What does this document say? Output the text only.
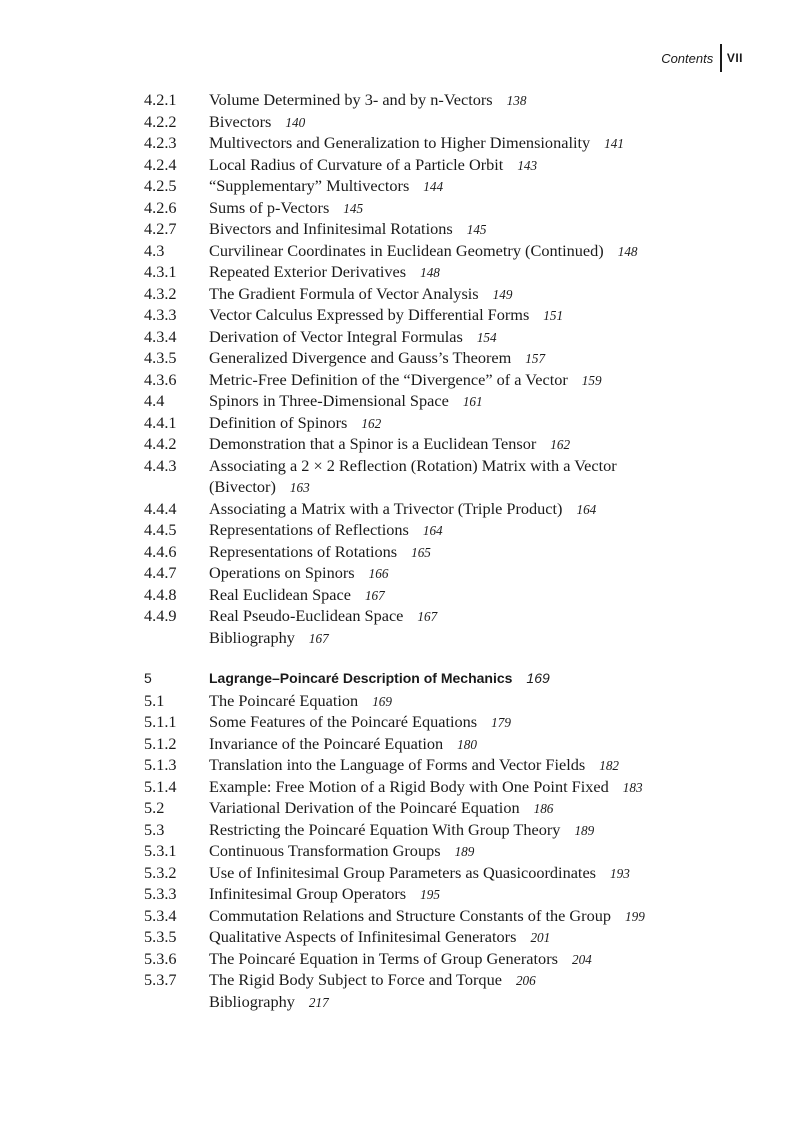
Contents VII
4.2.1 Volume Determined by 3- and by n-Vectors 138
4.2.2 Bivectors 140
4.2.3 Multivectors and Generalization to Higher Dimensionality 141
4.2.4 Local Radius of Curvature of a Particle Orbit 143
4.2.5 “Supplementary” Multivectors 144
4.2.6 Sums of p-Vectors 145
4.2.7 Bivectors and Infinitesimal Rotations 145
4.3	Curvilinear Coordinates in Euclidean Geometry (Continued) 148
4.3.1 Repeated Exterior Derivatives 148
4.3.2 The Gradient Formula of Vector Analysis 149
4.3.3 Vector Calculus Expressed by Differential Forms 151
4.3.4 Derivation of Vector Integral Formulas 154
4.3.5 Generalized Divergence and Gauss’s Theorem 157
4.3.6 Metric-Free Definition of the “Divergence” of a Vector 159
4.4	Spinors in Three-Dimensional Space 161
4.4.1 Definition of Spinors 162
4.4.2 Demonstration that a Spinor is a Euclidean Tensor 162
4.4.3 Associating a 2 × 2 Reflection (Rotation) Matrix with a Vector
(Bivector) 163
4.4.4 Associating a Matrix with a Trivector (Triple Product) 164
4.4.5 Representations of Reflections 164
4.4.6 Representations of Rotations 165
4.4.7 Operations on Spinors 166
4.4.8 Real Euclidean Space 167
4.4.9 Real Pseudo-Euclidean Space 167
Bibliography 167
5	Lagrange–Poincaré Description of Mechanics 169
5.1	The Poincaré Equation 169
5.1.1 Some Features of the Poincaré Equations 179
5.1.2 Invariance of the Poincaré Equation 180
5.1.3 Translation into the Language of Forms and Vector Fields 182
5.1.4 Example: Free Motion of a Rigid Body with One Point Fixed 183
5.2	Variational Derivation of the Poincaré Equation 186
5.3	Restricting the Poincaré Equation With Group Theory 189
5.3.1 Continuous Transformation Groups 189
5.3.2 Use of Infinitesimal Group Parameters as Quasicoordinates 193
5.3.3 Infinitesimal Group Operators 195
5.3.4 Commutation Relations and Structure Constants of the Group 199
5.3.5 Qualitative Aspects of Infinitesimal Generators 201
5.3.6 The Poincaré Equation in Terms of Group Generators 204
5.3.7 The Rigid Body Subject to Force and Torque 206
Bibliography 217
